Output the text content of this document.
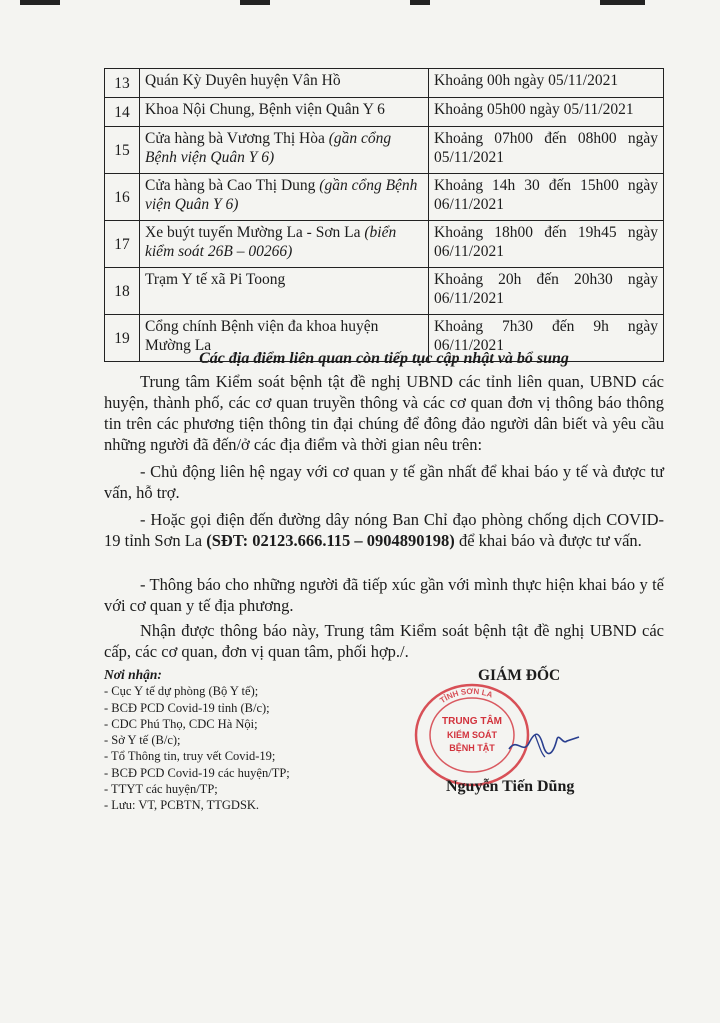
13	Quán Kỳ Duyên huyện Vân Hồ	Khoảng 00h ngày 05/11/2021
14	Khoa Nội Chung, Bệnh viện Quân Y 6	Khoảng 05h00 ngày 05/11/2021
15	Cửa hàng bà Vương Thị Hòa (gần cổng Bệnh viện Quân Y 6)	Khoảng 07h00 đến 08h00 ngày 05/11/2021
16	Cửa hàng bà Cao Thị Dung (gần cổng Bệnh viện Quân Y 6)	Khoảng 14h 30 đến 15h00 ngày 06/11/2021
17	Xe buýt tuyến Mường La - Sơn La (biển kiểm soát 26B – 00266)	Khoảng 18h00 đến 19h45 ngày 06/11/2021
18	Trạm Y tế xã Pi Toong	Khoảng 20h đến 20h30 ngày 06/11/2021
19	Cổng chính Bệnh viện đa khoa huyện Mường La	Khoảng 7h30 đến 9h ngày 06/11/2021
Các địa điểm liên quan còn tiếp tục cập nhật và bổ sung
Trung tâm Kiểm soát bệnh tật đề nghị UBND các tỉnh liên quan, UBND các huyện, thành phố, các cơ quan truyền thông và các cơ quan đơn vị thông báo thông tin trên các phương tiện thông tin đại chúng để đông đảo người dân biết và yêu cầu những người đã đến/ở các địa điểm và thời gian nêu trên:
- Chủ động liên hệ ngay với cơ quan y tế gần nhất để khai báo y tế và được tư vấn, hỗ trợ.
- Hoặc gọi điện đến đường dây nóng Ban Chỉ đạo phòng chống dịch COVID-19 tỉnh Sơn La (SĐT: 02123.666.115 – 0904890198) để khai báo và được tư vấn.
- Thông báo cho những người đã tiếp xúc gần với mình thực hiện khai báo y tế với cơ quan y tế địa phương.
Nhận được thông báo này, Trung tâm Kiểm soát bệnh tật đề nghị UBND các cấp, các cơ quan, đơn vị quan tâm, phối hợp./.
Nơi nhận:
- Cục Y tế dự phòng (Bộ Y tế);
- BCĐ PCD Covid-19 tỉnh (B/c);
- CDC Phú Thọ, CDC Hà Nội;
- Sở Y tế (B/c);
- Tổ Thông tin, truy vết Covid-19;
- BCĐ PCD Covid-19 các huyện/TP;
- TTYT các huyện/TP;
- Lưu: VT, PCBTN, TTGDSK.
GIÁM ĐỐC
TỈNH SƠN LA
TRUNG TÂM
KIỂM SOÁT
BỆNH TẬT
Nguyễn Tiến Dũng
